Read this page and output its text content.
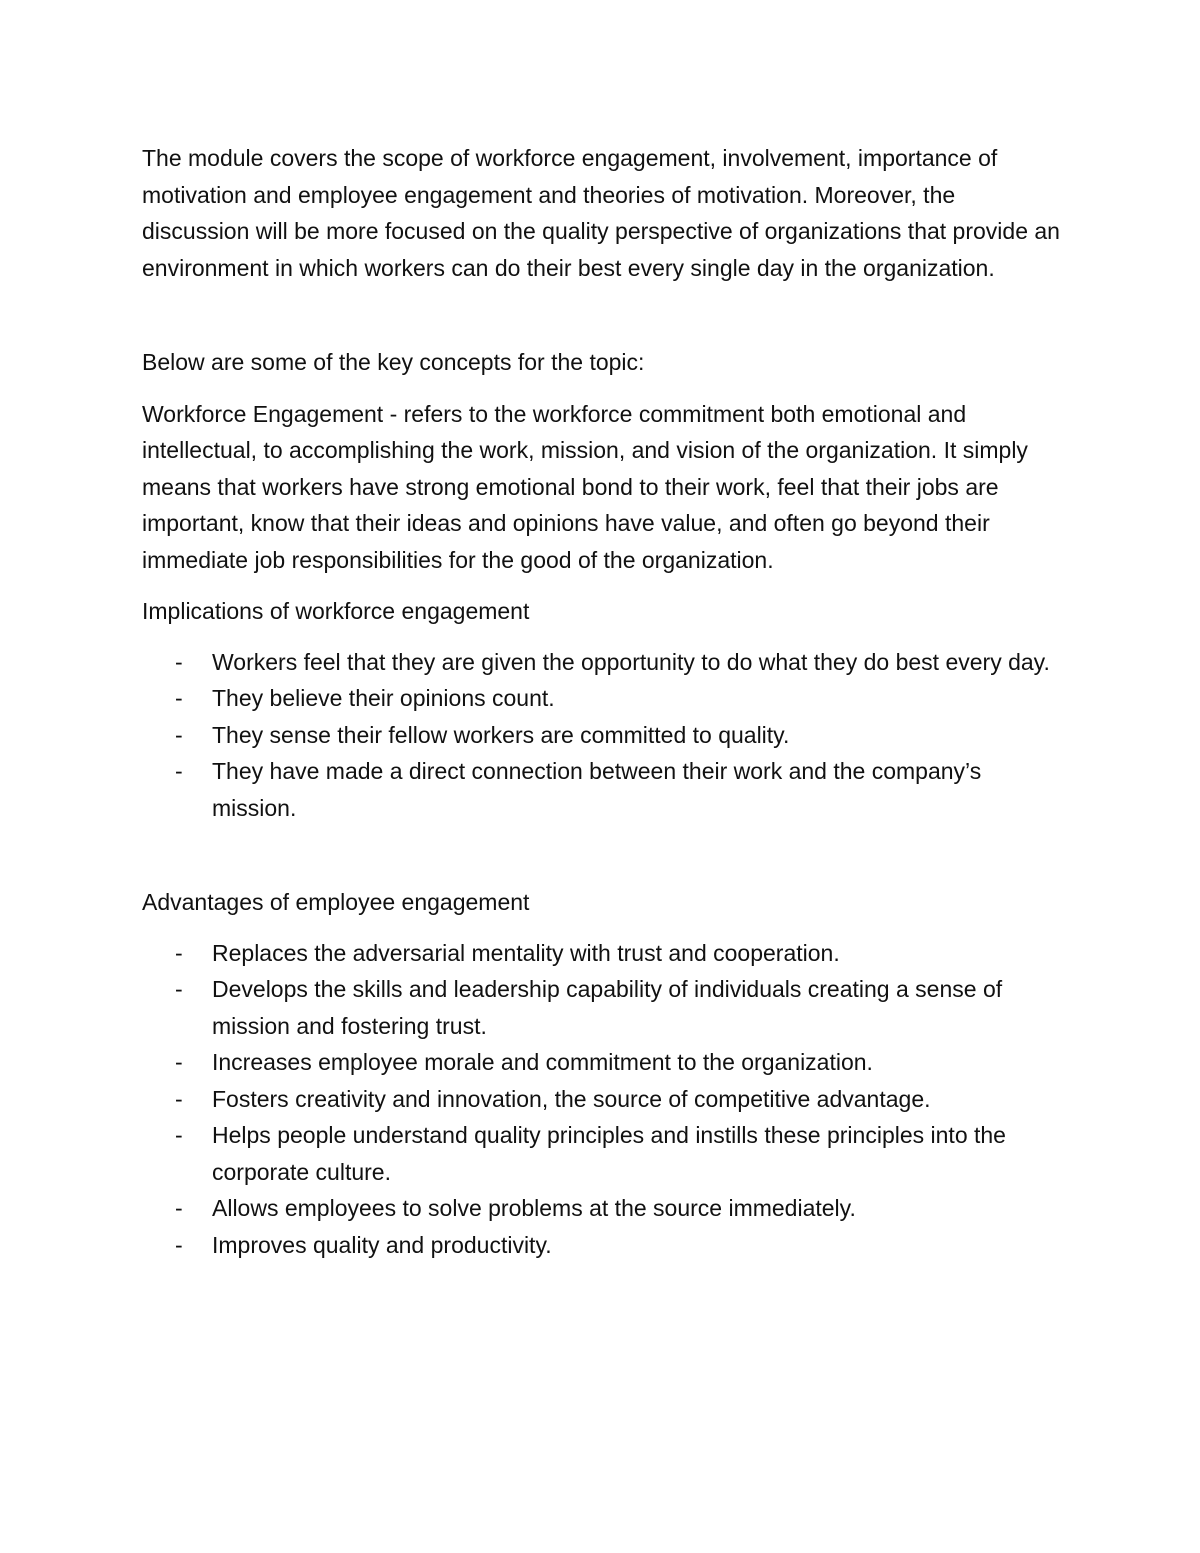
The module covers the scope of workforce engagement, involvement, importance of motivation and employee engagement and theories of motivation. Moreover, the discussion will be more focused on the quality perspective of organizations that provide an environment in which workers can do their best every single day in the organization.

Below are some of the key concepts for the topic:

Workforce Engagement - refers to the workforce commitment both emotional and intellectual, to accomplishing the work, mission, and vision of the organization. It simply means that workers have strong emotional bond to their work, feel that their jobs are important, know that their ideas and opinions have value, and often go beyond their immediate job responsibilities for the good of the organization.

Implications of workforce engagement

- Workers feel that they are given the opportunity to do what they do best every day.
- They believe their opinions count.
- They sense their fellow workers are committed to quality.
- They have made a direct connection between their work and the company’s mission.

Advantages of employee engagement

- Replaces the adversarial mentality with trust and cooperation.
- Develops the skills and leadership capability of individuals creating a sense of mission and fostering trust.
- Increases employee morale and commitment to the organization.
- Fosters creativity and innovation, the source of competitive advantage.
- Helps people understand quality principles and instills these principles into the corporate culture.
- Allows employees to solve problems at the source immediately.
- Improves quality and productivity.
